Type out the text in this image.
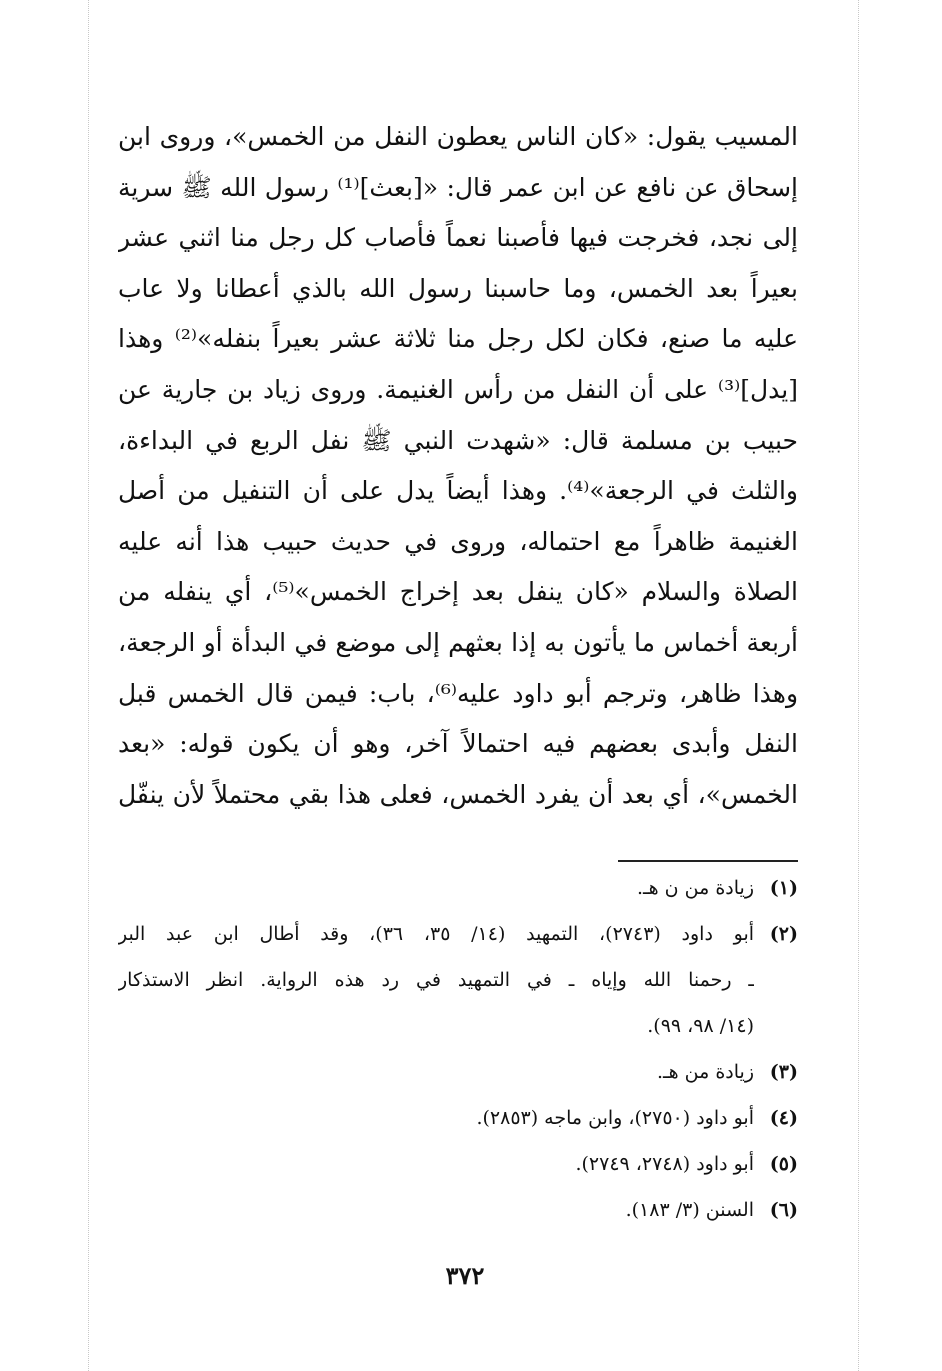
المسيب يقول: «كان الناس يعطون النفل من الخمس»، وروى ابن
إسحاق عن نافع عن ابن عمر قال: «[بعث]⁽¹⁾ رسول الله ﷺ سرية
إلى نجد، فخرجت فيها فأصبنا نعماً فأصاب كل رجل منا اثني عشر
بعيراً بعد الخمس، وما حاسبنا رسول الله بالذي أعطانا ولا عاب
عليه ما صنع، فكان لكل رجل منا ثلاثة عشر بعيراً بنفله»⁽²⁾ وهذا
[يدل]⁽³⁾ على أن النفل من رأس الغنيمة. وروى زياد بن جارية عن
حبيب بن مسلمة قال: «شهدت النبي ﷺ نفل الربع في البداءة،
والثلث في الرجعة»⁽⁴⁾. وهذا أيضاً يدل على أن التنفيل من أصل
الغنيمة ظاهراً مع احتماله، وروى في حديث حبيب هذا أنه عليه
الصلاة والسلام «كان ينفل بعد إخراج الخمس»⁽⁵⁾، أي ينفله من
أربعة أخماس ما يأتون به إذا بعثهم إلى موضع في البدأة أو الرجعة،
وهذا ظاهر، وترجم أبو داود عليه⁽⁶⁾، باب: فيمن قال الخمس قبل
النفل وأبدى بعضهم فيه احتمالاً آخر، وهو أن يكون قوله: «بعد
الخمس»، أي بعد أن يفرد الخمس، فعلى هذا بقي محتملاً لأن ينفّل
(١)
زيادة من ن هـ.
(٢)
أبو داود (٢٧٤٣)، التمهيد (١٤/ ٣٥، ٣٦)، وقد أطال ابن عبد البر
ـ رحمنا الله وإياه ـ في التمهيد في رد هذه الرواية. انظر الاستذكار
(١٤/ ٩٨، ٩٩).
(٣)
زيادة من هـ.
(٤)
أبو داود (٢٧٥٠)، وابن ماجه (٢٨٥٣).
(٥)
أبو داود (٢٧٤٨، ٢٧٤٩).
(٦)
السنن (٣/ ١٨٣).
٣٧٢
